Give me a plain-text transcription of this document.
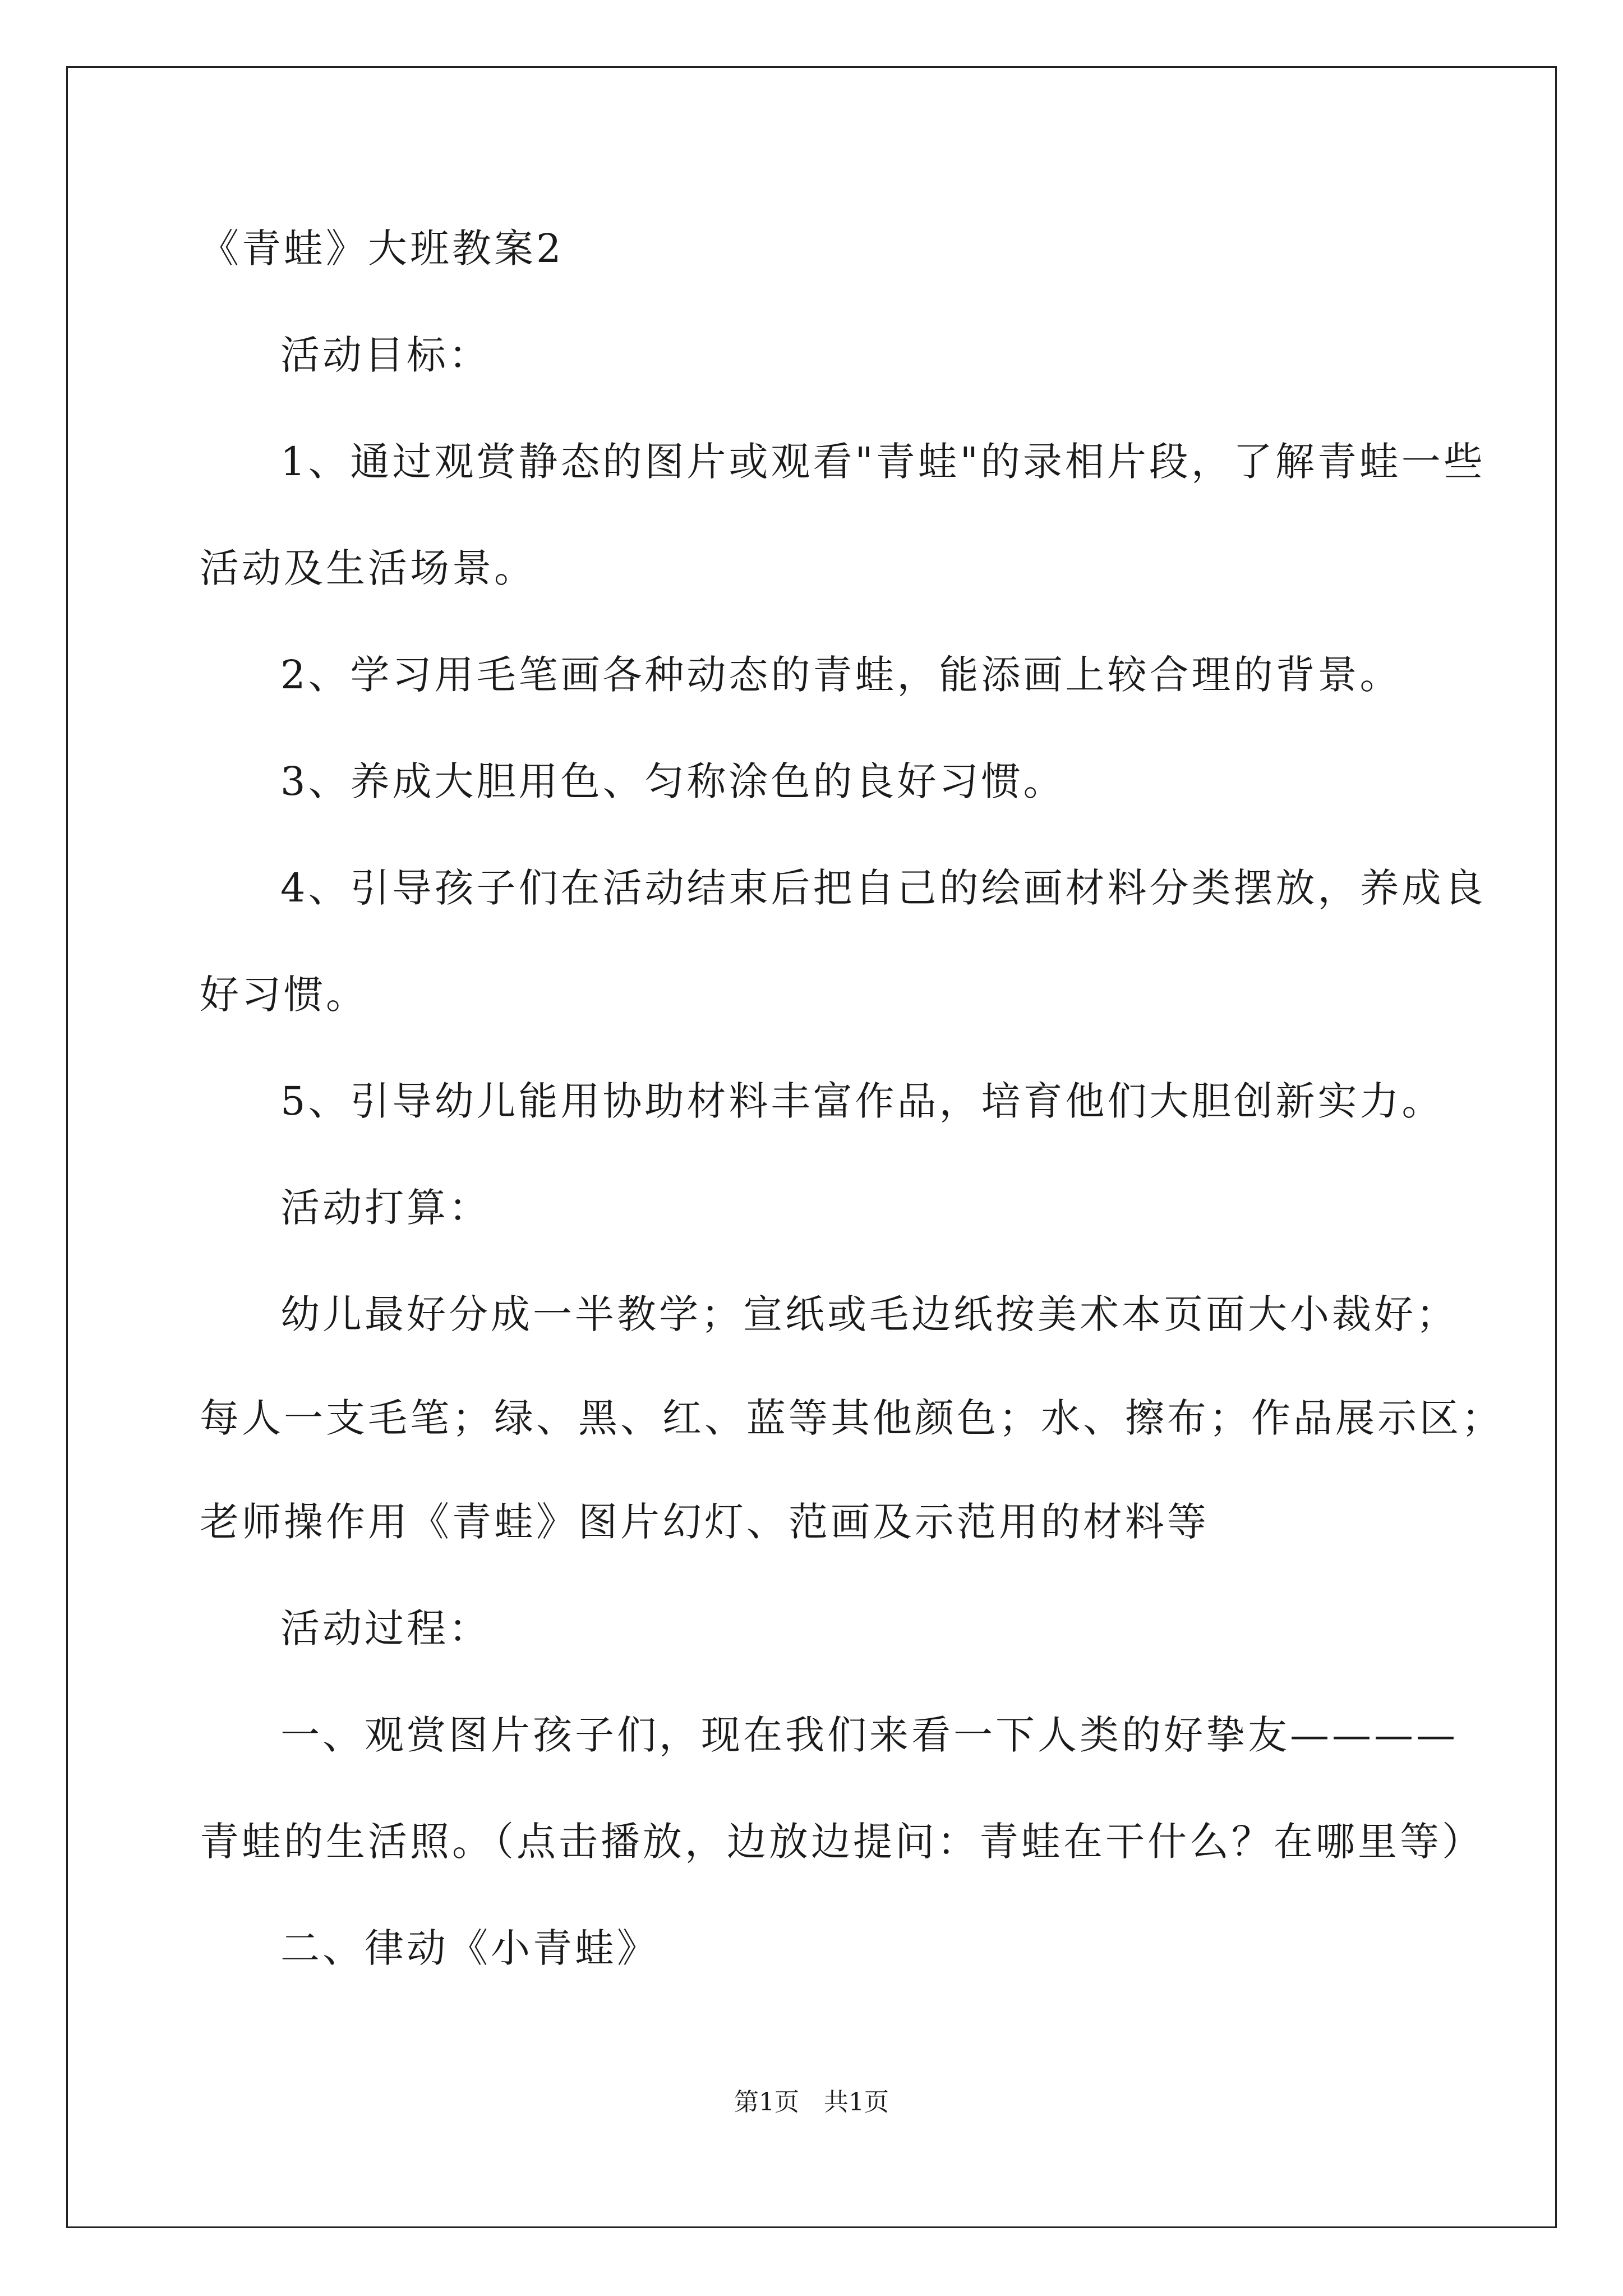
《青蛙》大班教案2
活动目标：
1、通过观赏静态的图片或观看"青蛙"的录相片段，了解青蛙一些
活动及生活场景。
2、学习用毛笔画各种动态的青蛙，能添画上较合理的背景。
3、养成大胆用色、匀称涂色的良好习惯。
4、引导孩子们在活动结束后把自己的绘画材料分类摆放，养成良
好习惯。
5、引导幼儿能用协助材料丰富作品，培育他们大胆创新实力。
活动打算：
幼儿最好分成一半教学；宣纸或毛边纸按美术本页面大小裁好；
每人一支毛笔；绿、黑、红、蓝等其他颜色；水、擦布；作品展示区；
老师操作用《青蛙》图片幻灯、范画及示范用的材料等
活动过程：
一、观赏图片孩子们，现在我们来看一下人类的好挚友————
青蛙的生活照。（点击播放，边放边提问：青蛙在干什么？在哪里等）
二、律动《小青蛙》
第1页　共1页
